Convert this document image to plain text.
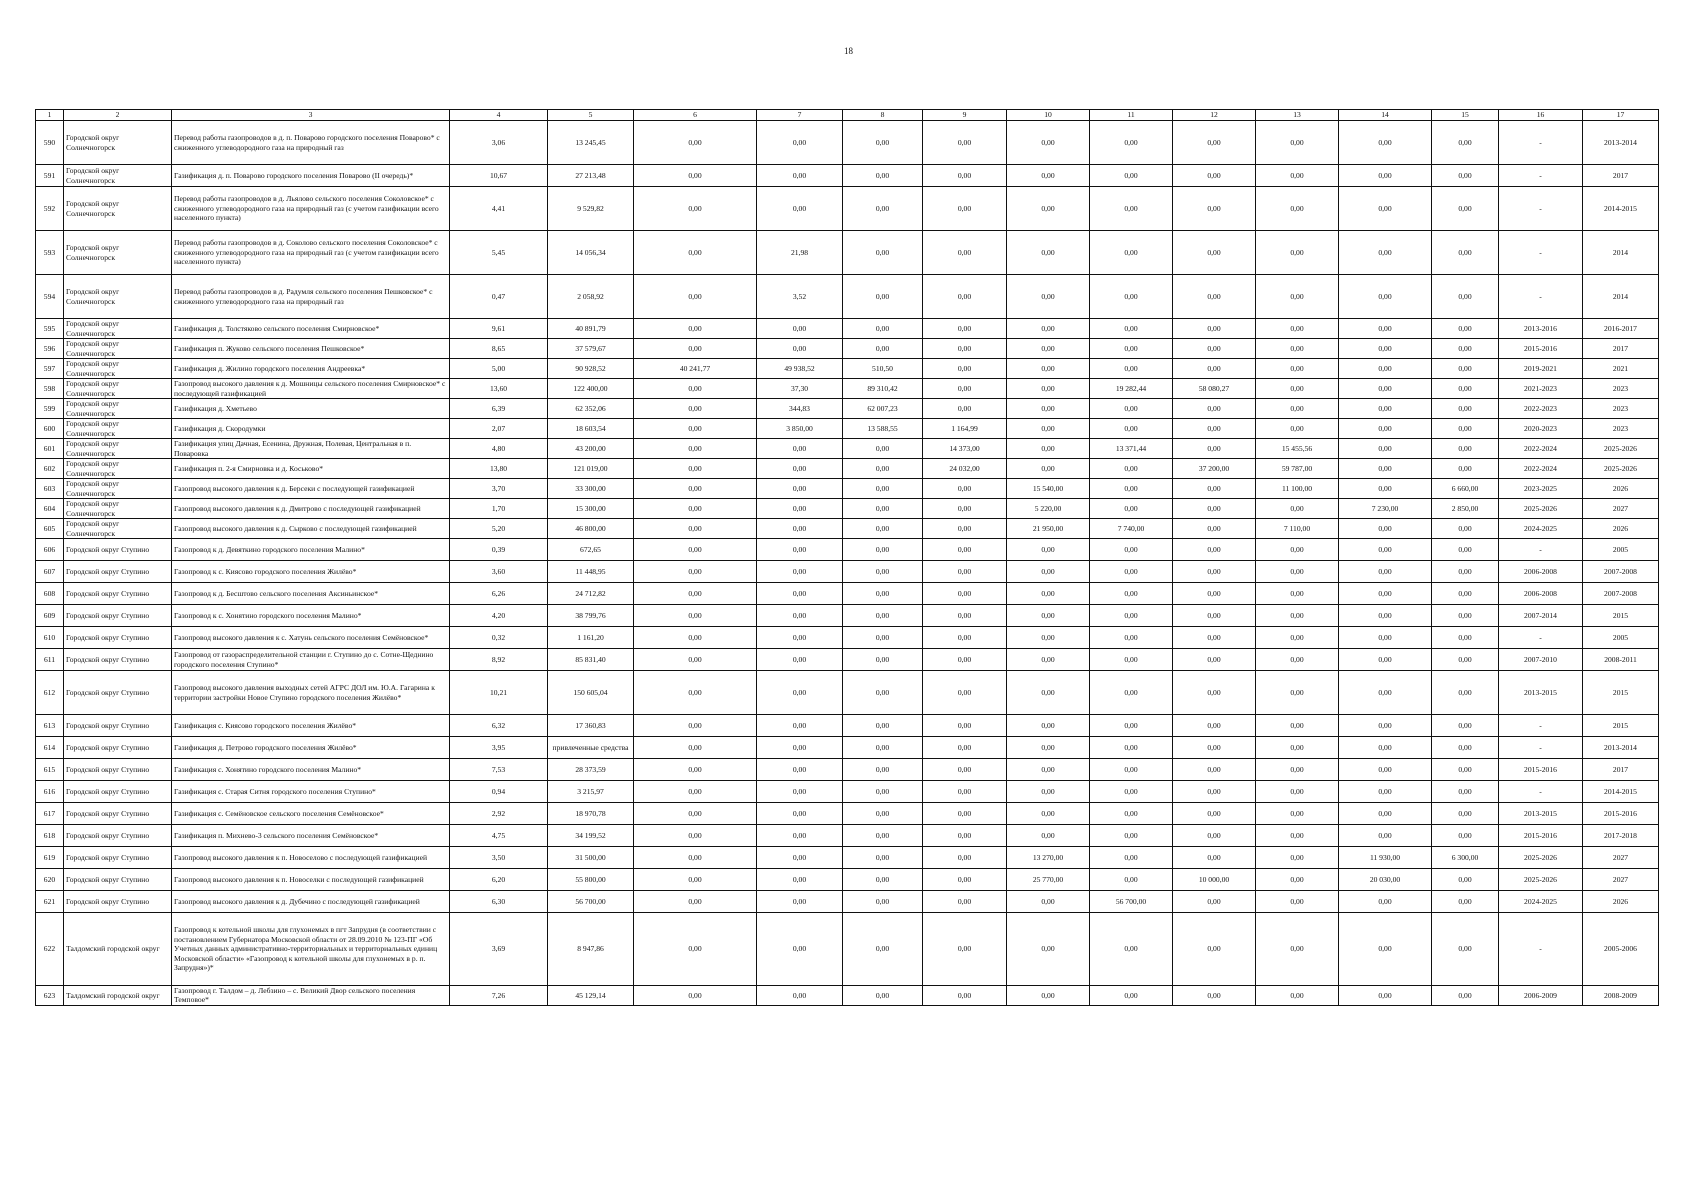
18
1	2	3	4	5	6	7	8	9	10	11	12	13	14	15	16	17
590	Городской округ Солнечногорск	Перевод работы газопроводов в д. п. Поварово городского поселения Поварово* с сжиженного углеводородного газа на природный газ	3,06	13 245,45	0,00	0,00	0,00	0,00	0,00	0,00	0,00	0,00	0,00	0,00	-	2013-2014
591	Городской округ Солнечногорск	Газификация д. п. Поварово городского поселения Поварово (II очередь)*	10,67	27 213,48	0,00	0,00	0,00	0,00	0,00	0,00	0,00	0,00	0,00	0,00	-	2017
592	Городской округ Солнечногорск	Перевод работы газопроводов в д. Льялово сельского поселения Соколовское* с сжиженного углеводородного газа на природный газ (с учетом газификации всего населенного пункта)	4,41	9 529,82	0,00	0,00	0,00	0,00	0,00	0,00	0,00	0,00	0,00	0,00	-	2014-2015
593	Городской округ Солнечногорск	Перевод работы газопроводов в д. Соколово сельского поселения Соколовское* с сжиженного углеводородного газа на природный газ (с учетом газификации всего населенного пункта)	5,45	14 056,34	0,00	21,98	0,00	0,00	0,00	0,00	0,00	0,00	0,00	0,00	-	2014
594	Городской округ Солнечногорск	Перевод работы газопроводов в д. Радумля сельского поселения Пешковское* с сжиженного углеводородного газа на природный газ	0,47	2 058,92	0,00	3,52	0,00	0,00	0,00	0,00	0,00	0,00	0,00	0,00	-	2014
595	Городской округ Солнечногорск	Газификация д. Толстяково сельского поселения Смирновское*	9,61	40 891,79	0,00	0,00	0,00	0,00	0,00	0,00	0,00	0,00	0,00	0,00	2013-2016	2016-2017
596	Городской округ Солнечногорск	Газификация п. Жуково сельского поселения Пешковское*	8,65	37 579,67	0,00	0,00	0,00	0,00	0,00	0,00	0,00	0,00	0,00	0,00	2015-2016	2017
597	Городской округ Солнечногорск	Газификация д. Жилино городского поселения Андреевка*	5,00	90 928,52	40 241,77	49 938,52	510,50	0,00	0,00	0,00	0,00	0,00	0,00	0,00	2019-2021	2021
598	Городской округ Солнечногорск	Газопровод высокого давления к д. Мошницы сельского поселения Смирновское* с последующей газификацией	13,60	122 400,00	0,00	37,30	89 310,42	0,00	0,00	19 282,44	58 080,27	0,00	0,00	0,00	2021-2023	2023
599	Городской округ Солнечногорск	Газификация д. Хметьево	6,39	62 352,06	0,00	344,83	62 007,23	0,00	0,00	0,00	0,00	0,00	0,00	0,00	2022-2023	2023
600	Городской округ Солнечногорск	Газификация д. Скородумки	2,07	18 603,54	0,00	3 850,00	13 588,55	1 164,99	0,00	0,00	0,00	0,00	0,00	0,00	2020-2023	2023
601	Городской округ Солнечногорск	Газификация улиц Дачная, Есенина, Дружная, Полевая, Центральная в п. Поваровка	4,80	43 200,00	0,00	0,00	0,00	14 373,00	0,00	13 371,44	0,00	15 455,56	0,00	0,00	2022-2024	2025-2026
602	Городской округ Солнечногорск	Газификация п. 2-я Смирновка и д. Коськово*	13,80	121 019,00	0,00	0,00	0,00	24 032,00	0,00	0,00	37 200,00	59 787,00	0,00	0,00	2022-2024	2025-2026
603	Городской округ Солнечногорск	Газопровод высокого давления к д. Берсеки с последующей газификацией	3,70	33 300,00	0,00	0,00	0,00	0,00	15 540,00	0,00	0,00	11 100,00	0,00	6 660,00	2023-2025	2026
604	Городской округ Солнечногорск	Газопровод высокого давления к д. Дмитрово с последующей газификацией	1,70	15 300,00	0,00	0,00	0,00	0,00	5 220,00	0,00	0,00	0,00	7 230,00	2 850,00	2025-2026	2027
605	Городской округ Солнечногорск	Газопровод высокого давления к д. Сырково с последующей газификацией	5,20	46 800,00	0,00	0,00	0,00	0,00	21 950,00	7 740,00	0,00	7 110,00	0,00	0,00	2024-2025	2026
606	Городской округ Ступино	Газопровод к д. Девяткино городского поселения Малино*	0,39	672,65	0,00	0,00	0,00	0,00	0,00	0,00	0,00	0,00	0,00	0,00	-	2005
607	Городской округ Ступино	Газопровод к с. Киясово городского поселения Жилёво*	3,60	11 448,95	0,00	0,00	0,00	0,00	0,00	0,00	0,00	0,00	0,00	0,00	2006-2008	2007-2008
608	Городской округ Ступино	Газопровод к д. Бесштово сельского поселения Аксиньинское*	6,26	24 712,82	0,00	0,00	0,00	0,00	0,00	0,00	0,00	0,00	0,00	0,00	2006-2008	2007-2008
609	Городской округ Ступино	Газопровод к с. Хонятино городского поселения Малино*	4,20	38 799,76	0,00	0,00	0,00	0,00	0,00	0,00	0,00	0,00	0,00	0,00	2007-2014	2015
610	Городской округ Ступино	Газопровод высокого давления к с. Хатунь сельского поселения Семёновское*	0,32	1 161,20	0,00	0,00	0,00	0,00	0,00	0,00	0,00	0,00	0,00	0,00	-	2005
611	Городской округ Ступино	Газопровод от газораспределительной станции г. Ступино до с. Сотне-Щеднино городского поселения Ступино*	8,92	85 831,40	0,00	0,00	0,00	0,00	0,00	0,00	0,00	0,00	0,00	0,00	2007-2010	2008-2011
612	Городской округ Ступино	Газопровод высокого давления выходных сетей АГРС ДОЛ им. Ю.А. Гагарина к территории застройки Новое Ступино городского поселения Жилёво*	10,21	150 605,04	0,00	0,00	0,00	0,00	0,00	0,00	0,00	0,00	0,00	0,00	2013-2015	2015
613	Городской округ Ступино	Газификация с. Киясово городского поселения Жилёво*	6,32	17 360,83	0,00	0,00	0,00	0,00	0,00	0,00	0,00	0,00	0,00	0,00	-	2015
614	Городской округ Ступино	Газификация д. Петрово городского поселения Жилёво*	3,95	привлеченные средства	0,00	0,00	0,00	0,00	0,00	0,00	0,00	0,00	0,00	0,00	-	2013-2014
615	Городской округ Ступино	Газификация с. Хонятино городского поселения Малино*	7,53	28 373,59	0,00	0,00	0,00	0,00	0,00	0,00	0,00	0,00	0,00	0,00	2015-2016	2017
616	Городской округ Ступино	Газификация с. Старая Ситня городского поселения Ступино*	0,94	3 215,97	0,00	0,00	0,00	0,00	0,00	0,00	0,00	0,00	0,00	0,00	-	2014-2015
617	Городской округ Ступино	Газификация с. Семёновское сельского поселения Семёновское*	2,92	18 970,78	0,00	0,00	0,00	0,00	0,00	0,00	0,00	0,00	0,00	0,00	2013-2015	2015-2016
618	Городской округ Ступино	Газификация п. Михнево-3 сельского поселения Семёновское*	4,75	34 199,52	0,00	0,00	0,00	0,00	0,00	0,00	0,00	0,00	0,00	0,00	2015-2016	2017-2018
619	Городской округ Ступино	Газопровод высокого давления к п. Новоселово с последующей газификацией	3,50	31 500,00	0,00	0,00	0,00	0,00	13 270,00	0,00	0,00	0,00	11 930,00	6 300,00	2025-2026	2027
620	Городской округ Ступино	Газопровод высокого давления к п. Новоселки с последующей газификацией	6,20	55 800,00	0,00	0,00	0,00	0,00	25 770,00	0,00	10 000,00	0,00	20 030,00	0,00	2025-2026	2027
621	Городской округ Ступино	Газопровод высокого давления к д. Дубечино с последующей газификацией	6,30	56 700,00	0,00	0,00	0,00	0,00	0,00	56 700,00	0,00	0,00	0,00	0,00	2024-2025	2026
622	Талдомский городской округ	Газопровод к котельной школы для глухонемых в пгт Запрудня (в соответствии с постановлением Губернатора Московской области от 28.09.2010 № 123-ПГ «Об Учетных данных административно-территориальных и территориальных единиц Московской области» «Газопровод к котельной школы для глухонемых в р. п. Запрудня»)*	3,69	8 947,86	0,00	0,00	0,00	0,00	0,00	0,00	0,00	0,00	0,00	0,00	-	2005-2006
623	Талдомский городской округ	Газопровод г. Талдом – д. Лебзино – с. Великий Двор сельского поселения Темповое*	7,26	45 129,14	0,00	0,00	0,00	0,00	0,00	0,00	0,00	0,00	0,00	0,00	2006-2009	2008-2009
